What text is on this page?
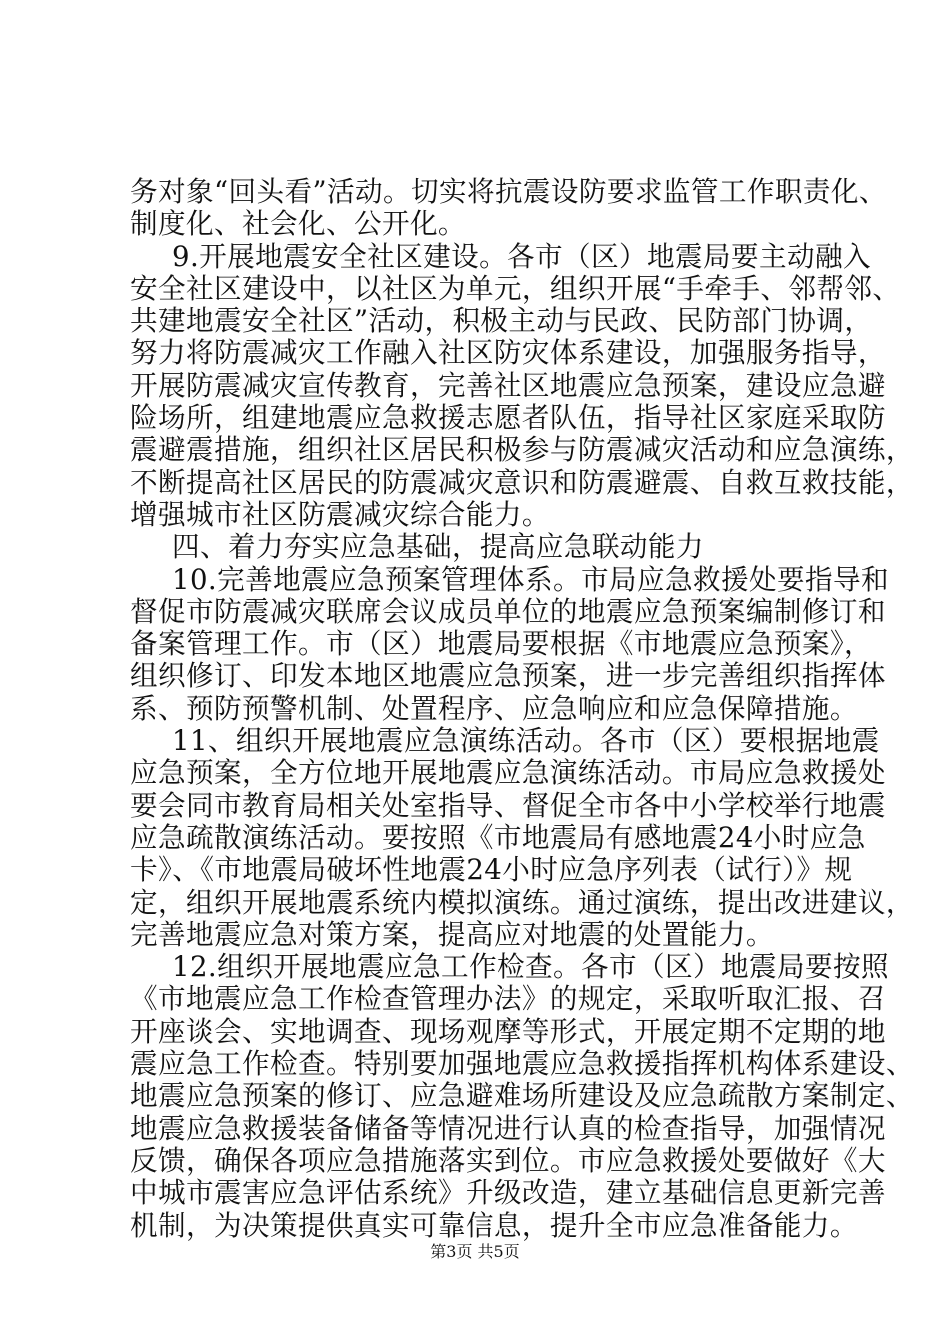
务对象“回头看”活动。切实将抗震设防要求监管工作职责化、
制度化、社会化、公开化。
9.开展地震安全社区建设。各市（区）地震局要主动融入
安全社区建设中，以社区为单元，组织开展“手牵手、邻帮邻、
共建地震安全社区”活动，积极主动与民政、民防部门协调，
努力将防震减灾工作融入社区防灾体系建设，加强服务指导，
开展防震减灾宣传教育，完善社区地震应急预案，建设应急避
险场所，组建地震应急救援志愿者队伍，指导社区家庭采取防
震避震措施，组织社区居民积极参与防震减灾活动和应急演练，
不断提高社区居民的防震减灾意识和防震避震、自救互救技能，
增强城市社区防震减灾综合能力。
四、着力夯实应急基础，提高应急联动能力
10.完善地震应急预案管理体系。市局应急救援处要指导和
督促市防震减灾联席会议成员单位的地震应急预案编制修订和
备案管理工作。市（区）地震局要根据《市地震应急预案》，
组织修订、印发本地区地震应急预案，进一步完善组织指挥体
系、预防预警机制、处置程序、应急响应和应急保障措施。
11、组织开展地震应急演练活动。各市（区）要根据地震
应急预案，全方位地开展地震应急演练活动。市局应急救援处
要会同市教育局相关处室指导、督促全市各中小学校举行地震
应急疏散演练活动。要按照《市地震局有感地震24小时应急
卡》、《市地震局破坏性地震24小时应急序列表（试行）》规
定，组织开展地震系统内模拟演练。通过演练，提出改进建议，
完善地震应急对策方案，提高应对地震的处置能力。
12.组织开展地震应急工作检查。各市（区）地震局要按照
《市地震应急工作检查管理办法》的规定，采取听取汇报、召
开座谈会、实地调查、现场观摩等形式，开展定期不定期的地
震应急工作检查。特别要加强地震应急救援指挥机构体系建设、
地震应急预案的修订、应急避难场所建设及应急疏散方案制定、
地震应急救援装备储备等情况进行认真的检查指导，加强情况
反馈，确保各项应急措施落实到位。市应急救援处要做好《大
中城市震害应急评估系统》升级改造，建立基础信息更新完善
机制，为决策提供真实可靠信息，提升全市应急准备能力。
第3页 共5页
